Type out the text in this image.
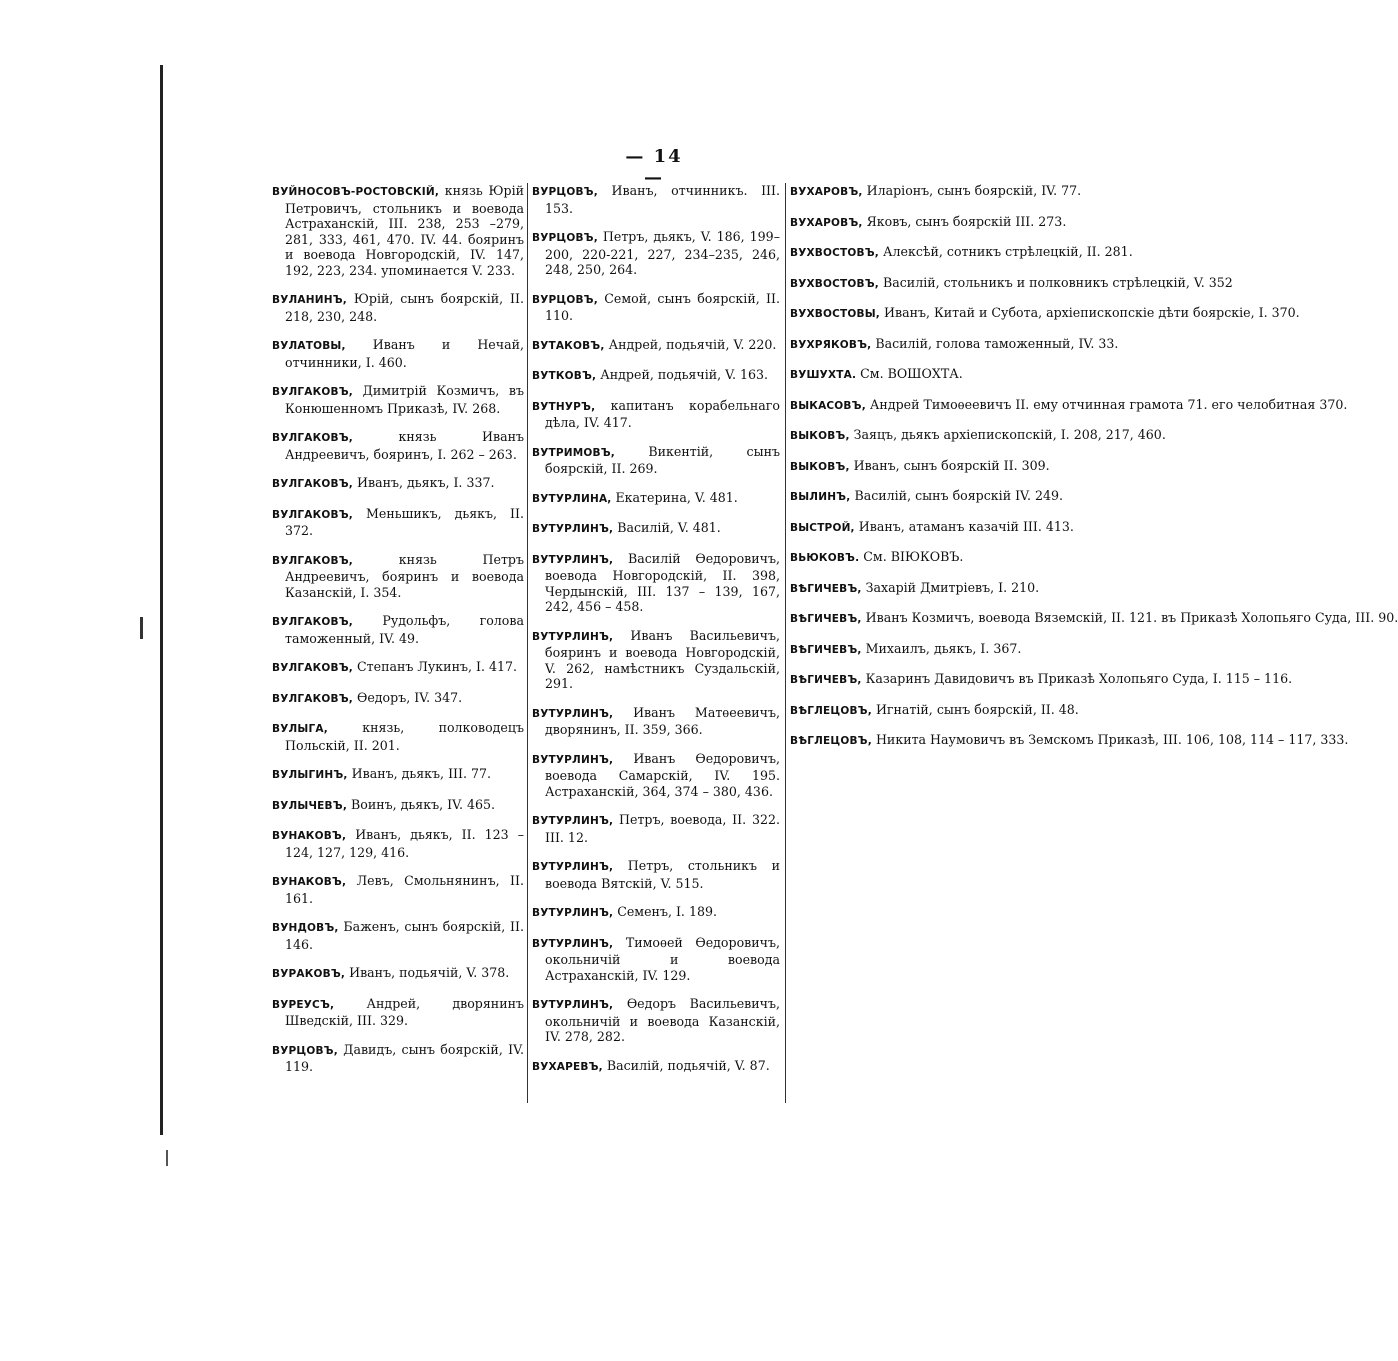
— 14 —

ВУЙНОСОВЪ-РОСТОВСКІЙ, князь Юрій Петровичъ, стольникъ и воевода Астраханскій, III. 238, 253 –279, 281, 333, 461, 470. IV. 44. бояринъ и воевода Новгородскій, IV. 147, 192, 223, 234. упоминается V. 233.

ВУЛАНИНЪ, Юрій, сынъ боярскій, II. 218, 230, 248.

ВУЛАТОВЫ, Иванъ и Нечай, отчинники, I. 460.

ВУЛГАКОВЪ, Димитрій Козмичъ, въ Конюшенномъ Приказѣ, IV. 268.

ВУЛГАКОВЪ, князь Иванъ Андреевичъ, бояринъ, I. 262 – 263.

ВУЛГАКОВЪ, Иванъ, дьякъ, I. 337.

ВУЛГАКОВЪ, Меньшикъ, дьякъ, II. 372.

ВУЛГАКОВЪ, князь Петръ Андреевичъ, бояринъ и воевода Казанскій, I. 354.

ВУЛГАКОВЪ, Рудольфъ, голова таможенный, IV. 49.

ВУЛГАКОВЪ, Степанъ Лукинъ, I. 417.

ВУЛГАКОВЪ, Ѳедоръ, IV. 347.

ВУЛЫГА, князь, полководецъ Польскій, II. 201.

ВУЛЫГИНЪ, Иванъ, дьякъ, III. 77.

ВУЛЫЧЕВЪ, Воинъ, дьякъ, IV. 465.

ВУНАКОВЪ, Иванъ, дьякъ, II. 123 – 124, 127, 129, 416.

ВУНАКОВЪ, Левъ, Смольнянинъ, II. 161.

ВУНДОВЪ, Баженъ, сынъ боярскій, II. 146.

ВУРАКОВЪ, Иванъ, подьячій, V. 378.

ВУРЕУСЪ, Андрей, дворянинъ Шведскій, III. 329.

ВУРЦОВЪ, Давидъ, сынъ боярскій, IV. 119.

ВУРЦОВЪ, Иванъ, отчинникъ. III. 153.

ВУРЦОВЪ, Петръ, дьякъ, V. 186, 199–200, 220-221, 227, 234–235, 246, 248, 250, 264.

ВУРЦОВЪ, Семой, сынъ боярскій, II. 110.

ВУТАКОВЪ, Андрей, подьячій, V. 220.

ВУТКОВЪ, Андрей, подьячій, V. 163.

ВУТНУРЪ, капитанъ корабельнаго дѣла, IV. 417.

ВУТРИМОВЪ, Викентій, сынъ боярскій, II. 269.

ВУТУРЛИНА, Екатерина, V. 481.

ВУТУРЛИНЪ, Василій, V. 481.

ВУТУРЛИНЪ, Василій Ѳедоровичъ, воевода Новгородскій, II. 398, Чердынскій, III. 137 – 139, 167, 242, 456 – 458.

ВУТУРЛИНЪ, Иванъ Васильевичъ, бояринъ и воевода Новгородскій, V. 262, намѣстникъ Суздальскій, 291.

ВУТУРЛИНЪ, Иванъ Матѳеевичъ, дворянинъ, II. 359, 366.

ВУТУРЛИНЪ, Иванъ Ѳедоровичъ, воевода Самарскій, IV. 195. Астраханскій, 364, 374 – 380, 436.

ВУТУРЛИНЪ, Петръ, воевода, II. 322. III. 12.

ВУТУРЛИНЪ, Петръ, стольникъ и воевода Вятскій, V. 515.

ВУТУРЛИНЪ, Семенъ, I. 189.

ВУТУРЛИНЪ, Тимоѳей Ѳедоровичъ, окольничій и воевода Астраханскій, IV. 129.

ВУТУРЛИНЪ, Ѳедоръ Васильевичъ, окольничій и воевода Казанскій, IV. 278, 282.

ВУХАРЕВЪ, Василій, подьячій, V. 87.

ВУХАРОВЪ, Иларіонъ, сынъ боярскій, IV. 77.

ВУХАРОВЪ, Яковъ, сынъ боярскій III. 273.

ВУХВОСТОВЪ, Алексѣй, сотникъ стрѣлецкій, II. 281.

ВУХВОСТОВЪ, Василій, стольникъ и полковникъ стрѣлецкій, V. 352

ВУХВОСТОВЫ, Иванъ, Китай и Субота, архіепископскіе дѣти боярскіе, I. 370.

ВУХРЯКОВЪ, Василій, голова таможенный, IV. 33.

ВУШУХТА. См. ВОШОХТА.

ВЫКАСОВЪ, Андрей Тимоѳеевичъ II. ему отчинная грамота 71. его челобитная 370.

ВЫКОВЪ, Заяцъ, дьякъ архіепископскій, I. 208, 217, 460.

ВЫКОВЪ, Иванъ, сынъ боярскій II. 309.

ВЫЛИНЪ, Василій, сынъ боярскій IV. 249.

ВЫСТРОЙ, Иванъ, атаманъ казачій III. 413.

ВЬЮКОВЪ. См. ВІЮКОВЪ.

ВѢГИЧЕВЪ, Захарій Дмитріевъ, I. 210.

ВѢГИЧЕВЪ, Иванъ Козмичъ, воевода Вяземскій, II. 121. въ Приказѣ Холопьяго Суда, III. 90.

ВѢГИЧЕВЪ, Михаилъ, дьякъ, I. 367.

ВѢГИЧЕВЪ, Казаринъ Давидовичъ въ Приказѣ Холопьяго Суда, I. 115 – 116.

ВѢГЛЕЦОВЪ, Игнатій, сынъ боярскій, II. 48.

ВѢГЛЕЦОВЪ, Никита Наумовичъ въ Земскомъ Приказѣ, III. 106, 108, 114 – 117, 333.
